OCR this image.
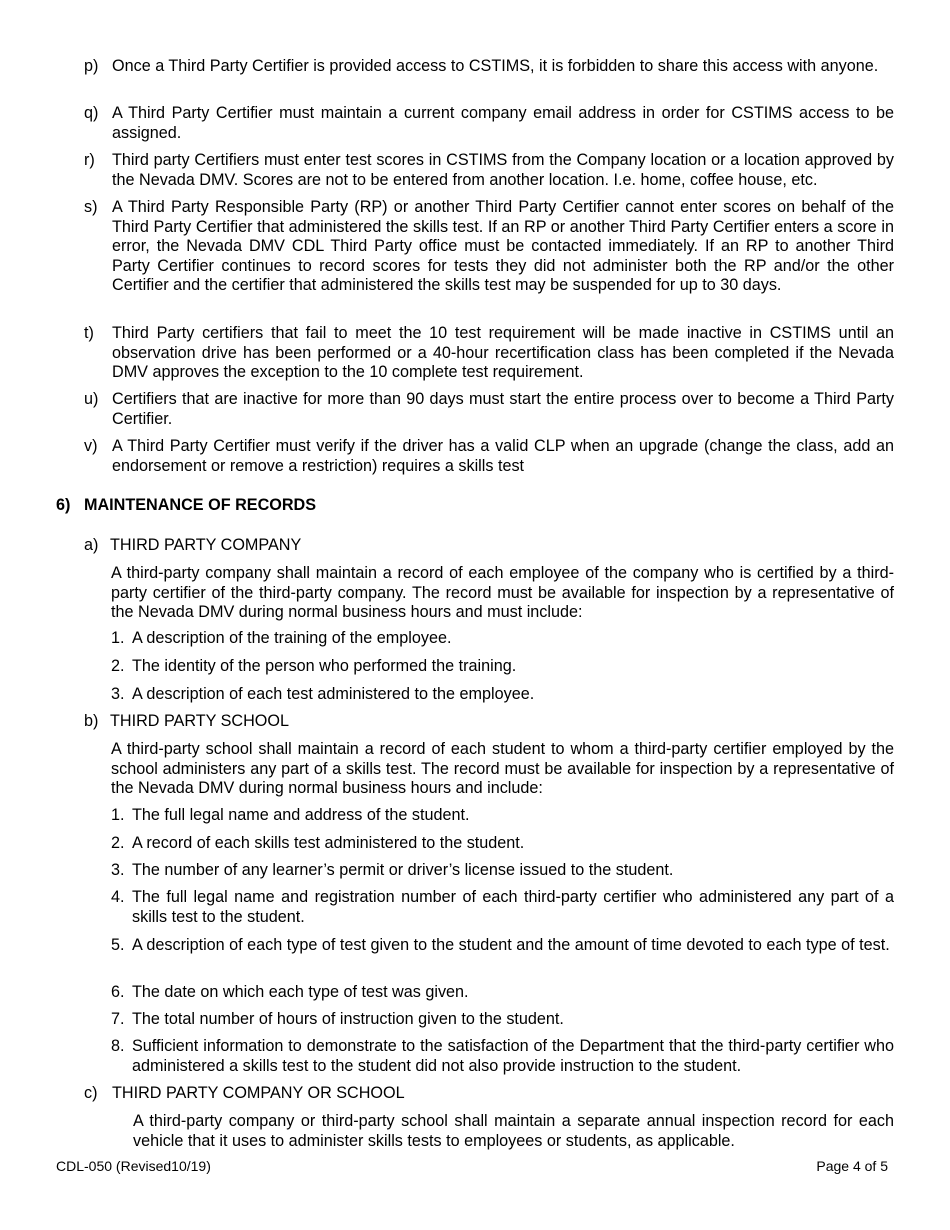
p) Once a Third Party Certifier is provided access to CSTIMS, it is forbidden to share this access with anyone.
q) A Third Party Certifier must maintain a current company email address in order for CSTIMS access to be assigned.
r) Third party Certifiers must enter test scores in CSTIMS from the Company location or a location approved by the Nevada DMV. Scores are not to be entered from another location. I.e. home, coffee house, etc.
s) A Third Party Responsible Party (RP) or another Third Party Certifier cannot enter scores on behalf of the Third Party Certifier that administered the skills test. If an RP or another Third Party Certifier enters a score in error, the Nevada DMV CDL Third Party office must be contacted immediately. If an RP to another Third Party Certifier continues to record scores for tests they did not administer both the RP and/or the other Certifier and the certifier that administered the skills test may be suspended for up to 30 days.
t) Third Party certifiers that fail to meet the 10 test requirement will be made inactive in CSTIMS until an observation drive has been performed or a 40-hour recertification class has been completed if the Nevada DMV approves the exception to the 10 complete test requirement.
u) Certifiers that are inactive for more than 90 days must start the entire process over to become a Third Party Certifier.
v) A Third Party Certifier must verify if the driver has a valid CLP when an upgrade (change the class, add an endorsement or remove a restriction) requires a skills test
6) MAINTENANCE OF RECORDS
a) THIRD PARTY COMPANY
A third-party company shall maintain a record of each employee of the company who is certified by a third-party certifier of the third-party company. The record must be available for inspection by a representative of the Nevada DMV during normal business hours and must include:
1. A description of the training of the employee.
2. The identity of the person who performed the training.
3. A description of each test administered to the employee.
b) THIRD PARTY SCHOOL
A third-party school shall maintain a record of each student to whom a third-party certifier employed by the school administers any part of a skills test. The record must be available for inspection by a representative of the Nevada DMV during normal business hours and include:
1. The full legal name and address of the student.
2. A record of each skills test administered to the student.
3. The number of any learner’s permit or driver’s license issued to the student.
4. The full legal name and registration number of each third-party certifier who administered any part of a skills test to the student.
5. A description of each type of test given to the student and the amount of time devoted to each type of test.
6. The date on which each type of test was given.
7. The total number of hours of instruction given to the student.
8. Sufficient information to demonstrate to the satisfaction of the Department that the third-party certifier who administered a skills test to the student did not also provide instruction to the student.
c) THIRD PARTY COMPANY OR SCHOOL
A third-party company or third-party school shall maintain a separate annual inspection record for each vehicle that it uses to administer skills tests to employees or students, as applicable.
CDL-050 (Revised10/19)	Page 4 of 5
